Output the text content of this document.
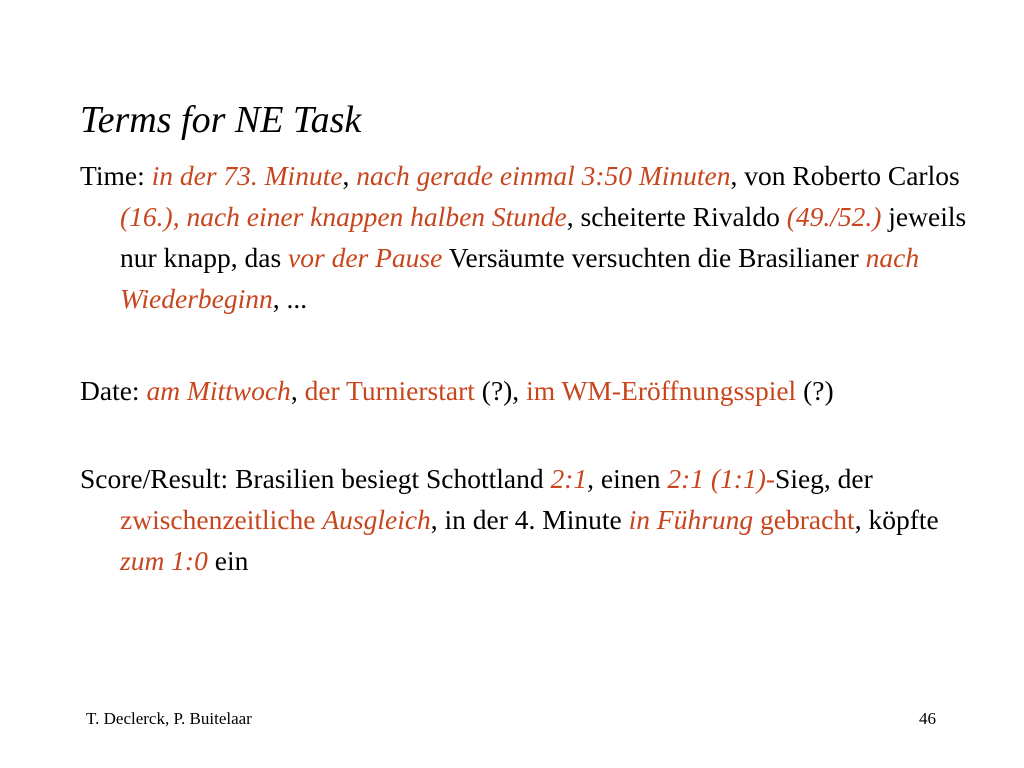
Terms for NE Task
Time: in der 73. Minute, nach gerade einmal 3:50 Minuten, von Roberto Carlos (16.), nach einer knappen halben Stunde, scheiterte Rivaldo (49./52.) jeweils nur knapp, das vor der Pause Versäumte versuchten die Brasilianer nach Wiederbeginn, ...
Date: am Mittwoch, der Turnierstart (?), im WM-Eröffnungsspiel (?)
Score/Result: Brasilien besiegt Schottland 2:1, einen 2:1 (1:1)-Sieg, der zwischenzeitliche Ausgleich, in der 4. Minute in Führung gebracht, köpfte zum 1:0 ein
T. Declerck, P. Buitelaar	46
